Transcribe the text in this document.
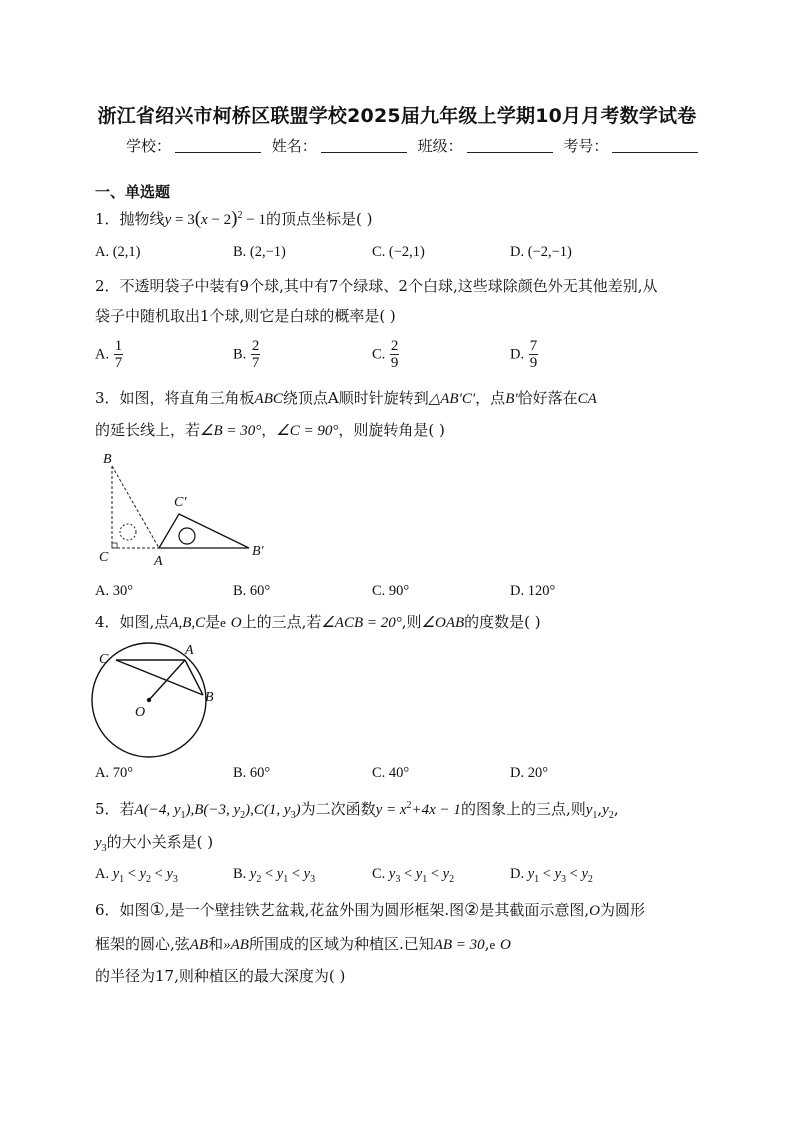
浙江省绍兴市柯桥区联盟学校2025届九年级上学期10月月考数学试卷
学校：	姓名：	班级：	考号：
一、单选题
1．抛物线$y = 3(x - 2)^2 - 1$的顶点坐标是( )
A. (2,1)	B. (2,−1)	C. (−2,1)	D. (−2,−1)
2．不透明袋子中装有9个球,其中有7个绿球、2个白球,这些球除颜色外无其他差别,从
袋子中随机取出1个球,则它是白球的概率是( )
A. $\frac{1}{7}$	B. $\frac{2}{7}$	C. $\frac{2}{9}$	D. $\frac{7}{9}$
3．如图，将直角三角板ABC绕顶点A顺时针旋转到△AB′C′，点B′恰好落在CA
的延长线上，若∠B = 30°，∠C = 90°，则旋转角是( )
B
C	A
C′
B′
A. 30°	B. 60°	C. 90°	D. 120°
4．如图,点A,B,C是e O上的三点,若∠ACB = 20°,则∠OAB的度数是( )
C
A
B
O
A. 70°	B. 60°	C. 40°	D. 20°
5．若A(−4, $y_1),B(-3$, $y_2),C(1$, $y_3$)为二次函数$y = x^2+4x - 1$的图象上的三点,则$y_1,y_2$,
$y_3$的大小关系是( )
A. $y_1 < y_2 < y_3$	B. $y_2 < y_1 < y_3$	C. $y_3 < y_1 < y_2$	D. $y_1 < y_3 < y_2$
6．如图①,是一个壁挂铁艺盆栽,花盆外围为圆形框架.图②是其截面示意图,O为圆形
框架的圆心,弦AB和»AB所围成的区域为种植区.已知AB = 30,e O
的半径为17,则种植区的最大深度为( )
